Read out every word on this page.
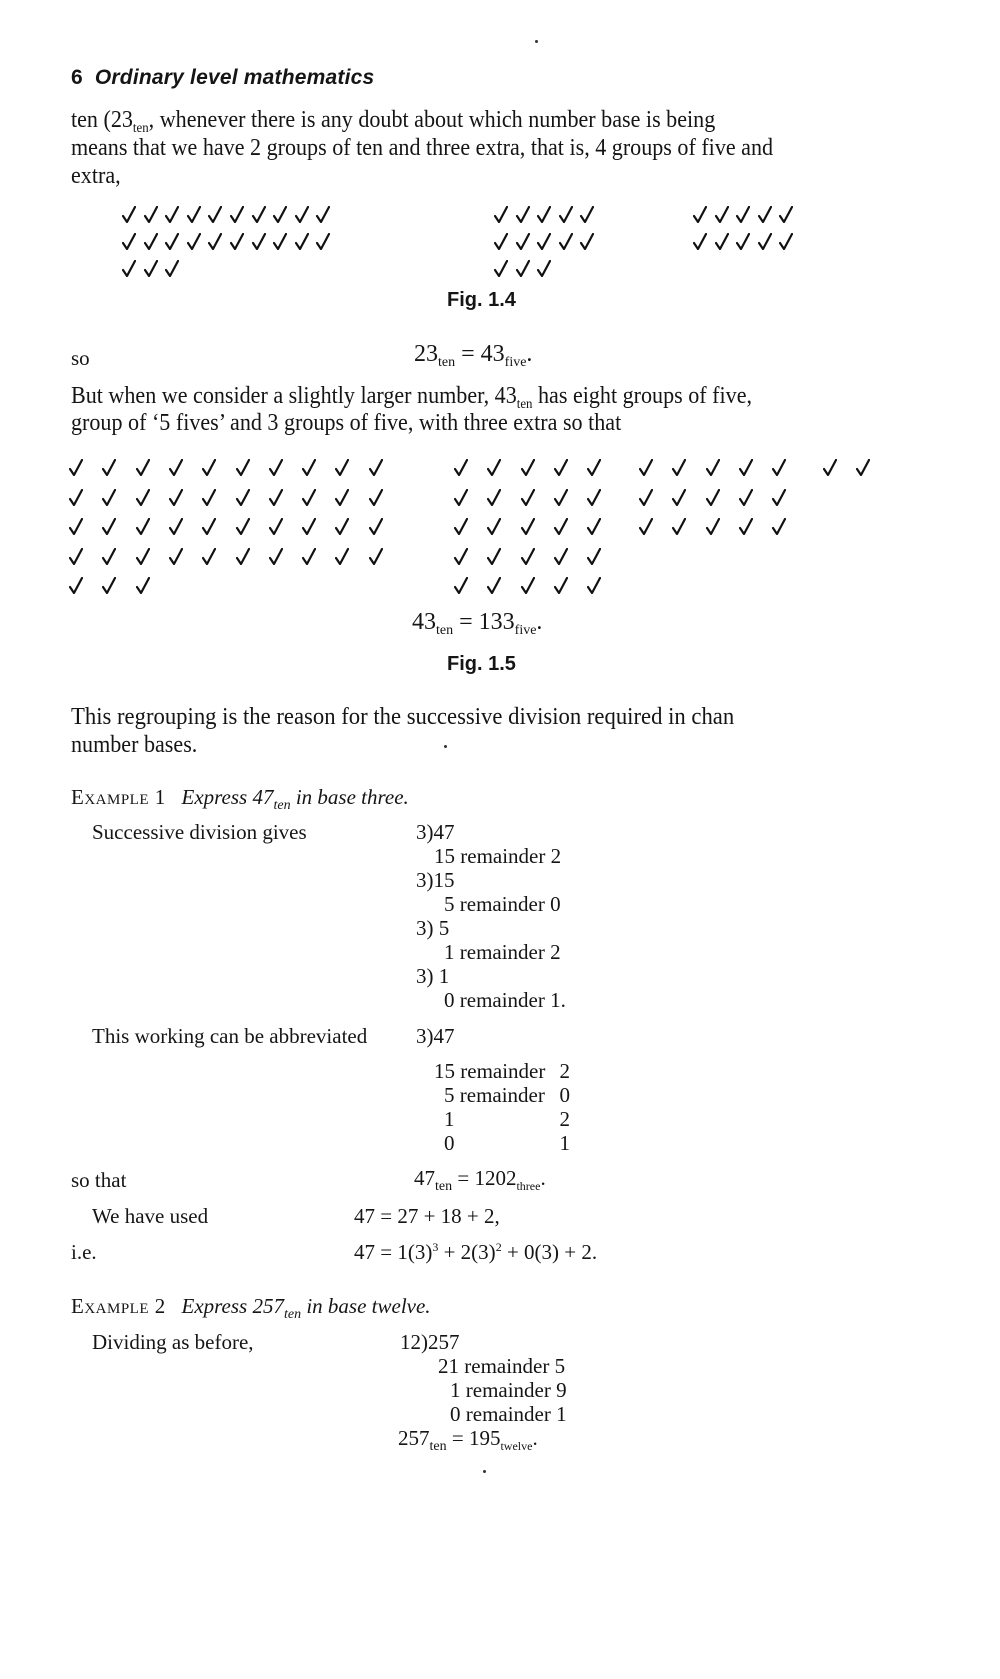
6 Ordinary level mathematics
ten ($23_{ten}$, whenever there is any doubt about which number base is being
means that we have 2 groups of ten and three extra, that is, 4 groups of five and
extra,
Fig. 1.4
so	$23_{ten} = 43_{five}$.
But when we consider a slightly larger number, $43_{ten}$ has eight groups of five,
group of ‘5 fives’ and 3 groups of five, with three extra so that
$43_{ten} = 133_{five}$.
Fig. 1.5
This regrouping is the reason for the successive division required in chan
number bases.
Example 1 Express $47_{ten}$ in base three.
Successive division gives	3)47
15 remainder 2
3)15
5 remainder 0
3) 5
1 remainder 2
3) 1
0 remainder 1.
This working can be abbreviated 3)47
15 remainder 2
5 remainder 0
1	2
0	1
so that	$47_{ten} = 1202_{three}$.
We have used	47 = 27 + 18 + 2,
i.e.	$47 = 1(3)^3 + 2(3)^2 + 0(3) + 2$.
Example 2 Express $257_{ten}$ in base twelve.
Dividing as before,	12)257
21 remainder 5
1 remainder 9
0 remainder 1
$257_{ten} = 195_{twelve}$.
